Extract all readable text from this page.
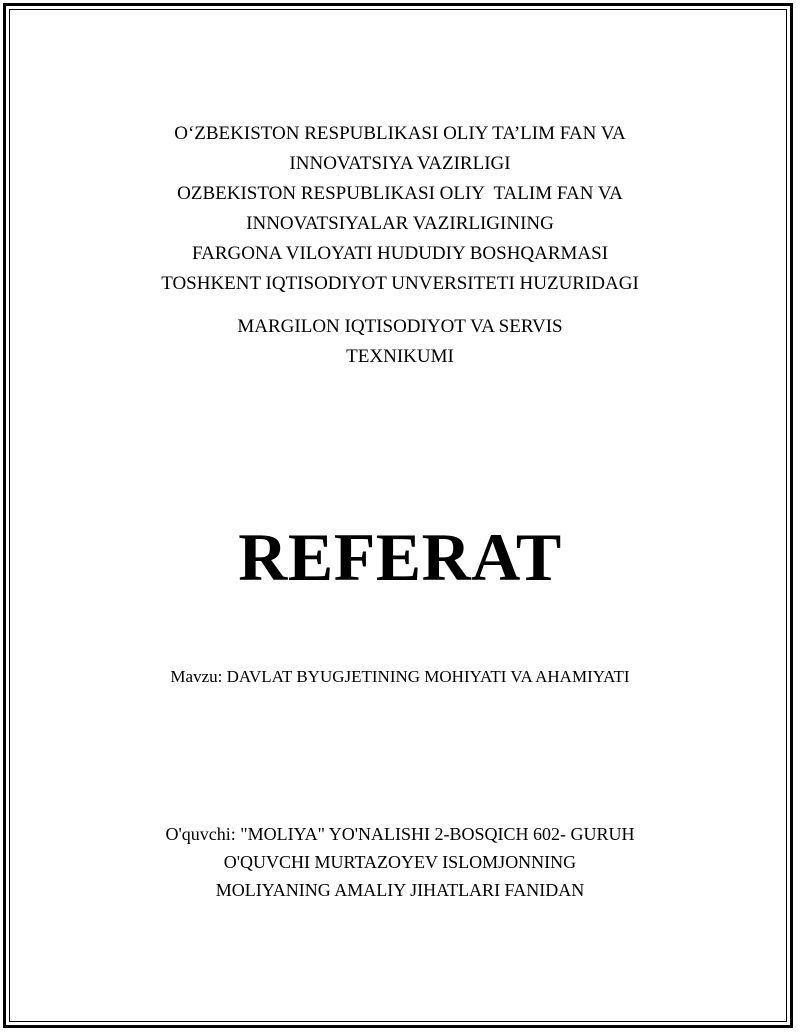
O‘ZBEKISTON RESPUBLIKASI OLIY TA’LIM FAN VA
INNOVATSIYA VAZIRLIGI
OZBEKISTON RESPUBLIKASI OLIY  TALIM FAN VA
INNOVATSIYALAR VAZIRLIGINING
FARGONA VILOYATI HUDUDIY BOSHQARMASI
TOSHKENT IQTISODIYOT UNVERSITETI HUZURIDAGI
MARGILON IQTISODIYOT VA SERVIS
TEXNIKUMI
REFERAT
Mavzu: DAVLAT BYUGJETINING MOHIYATI VA AHAMIYATI
O'quvchi: "MOLIYA" YO'NALISHI 2-BOSQICH 602- GURUH
O'QUVCHI MURTAZOYEV ISLOMJONNING
MOLIYANING AMALIY JIHATLARI FANIDAN
